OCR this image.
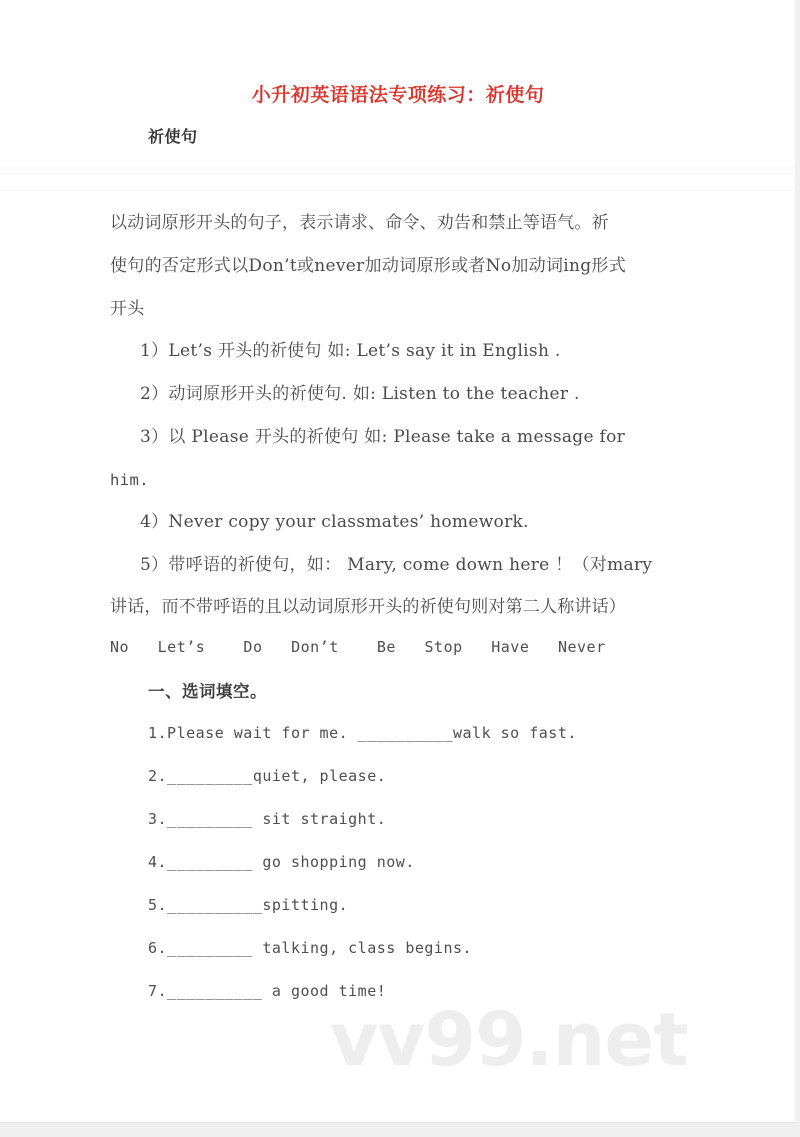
vv99.net
小升初英语语法专项练习：祈使句
祈使句
以动词原形开头的句子，表示请求、命令、劝告和禁止等语气。祈
使句的否定形式以Don’t或never加动词原形或者No加动词ing形式
开头
1）Let’s 开头的祈使句 如: Let’s say it in English .
2）动词原形开头的祈使句. 如: Listen to the teacher .
3）以 Please 开头的祈使句 如: Please take a message for
him.
4）Never copy your classmates’ homework.
5）带呼语的祈使句，如： Mary, come down here ！（对mary
讲话，而不带呼语的且以动词原形开头的祈使句则对第二人称讲话）
No   Let’s    Do   Don’t    Be   Stop   Have   Never
一、选词填空。
1.Please wait for me. __________walk so fast.
2._________quiet, please.
3._________ sit straight.
4._________ go shopping now.
5.__________spitting.
6._________ talking, class begins.
7.__________ a good time!
